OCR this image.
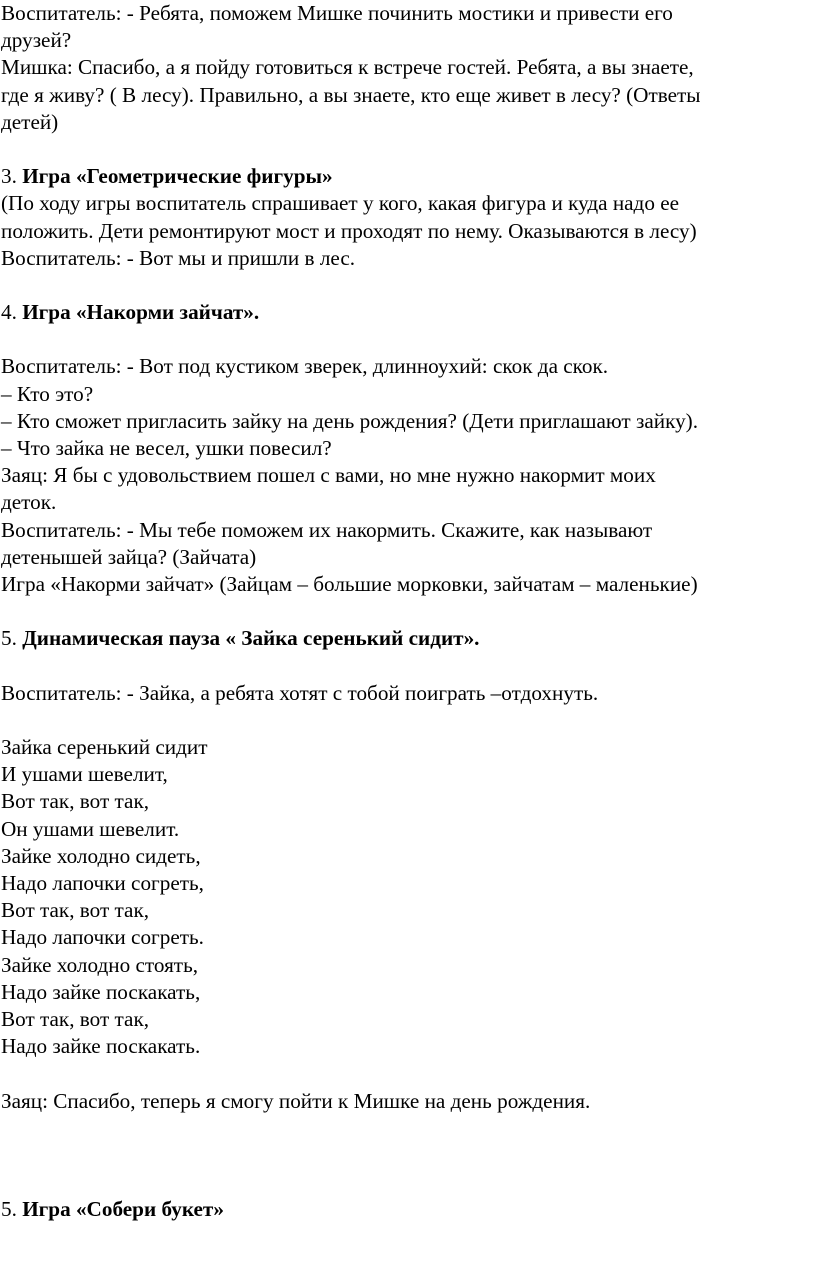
Воспитатель: - Ребята, поможем Мишке починить мостики и привести его
друзей?
Мишка: Спасибо, а я пойду готовиться к встрече гостей. Ребята, а вы знаете,
где я живу? ( В лесу). Правильно, а вы знаете, кто еще живет в лесу? (Ответы
детей)
3. Игра «Геометрические фигуры»
(По ходу игры воспитатель спрашивает у кого, какая фигура и куда надо ее
положить. Дети ремонтируют мост и проходят по нему. Оказываются в лесу)
Воспитатель: - Вот мы и пришли в лес.
4. Игра «Накорми зайчат».
Воспитатель: - Вот под кустиком зверек, длинноухий: скок да скок.
– Кто это?
– Кто сможет пригласить зайку на день рождения? (Дети приглашают зайку).
– Что зайка не весел, ушки повесил?
Заяц: Я бы с удовольствием пошел с вами, но мне нужно накормит моих
деток.
Воспитатель: - Мы тебе поможем их накормить. Скажите, как называют
детенышей зайца? (Зайчата)
Игра «Накорми зайчат» (Зайцам – большие морковки, зайчатам – маленькие)
5. Динамическая пауза « Зайка серенький сидит».
Воспитатель: - Зайка, а ребята хотят с тобой поиграть –отдохнуть.
Зайка серенький сидит
И ушами шевелит,
Вот так, вот так,
Он ушами шевелит.
Зайке холодно сидеть,
Надо лапочки согреть,
Вот так, вот так,
Надо лапочки согреть.
Зайке холодно стоять,
Надо зайке поскакать,
Вот так, вот так,
Надо зайке поскакать.
Заяц: Спасибо, теперь я смогу пойти к Мишке на день рождения.
5. Игра «Собери букет»
